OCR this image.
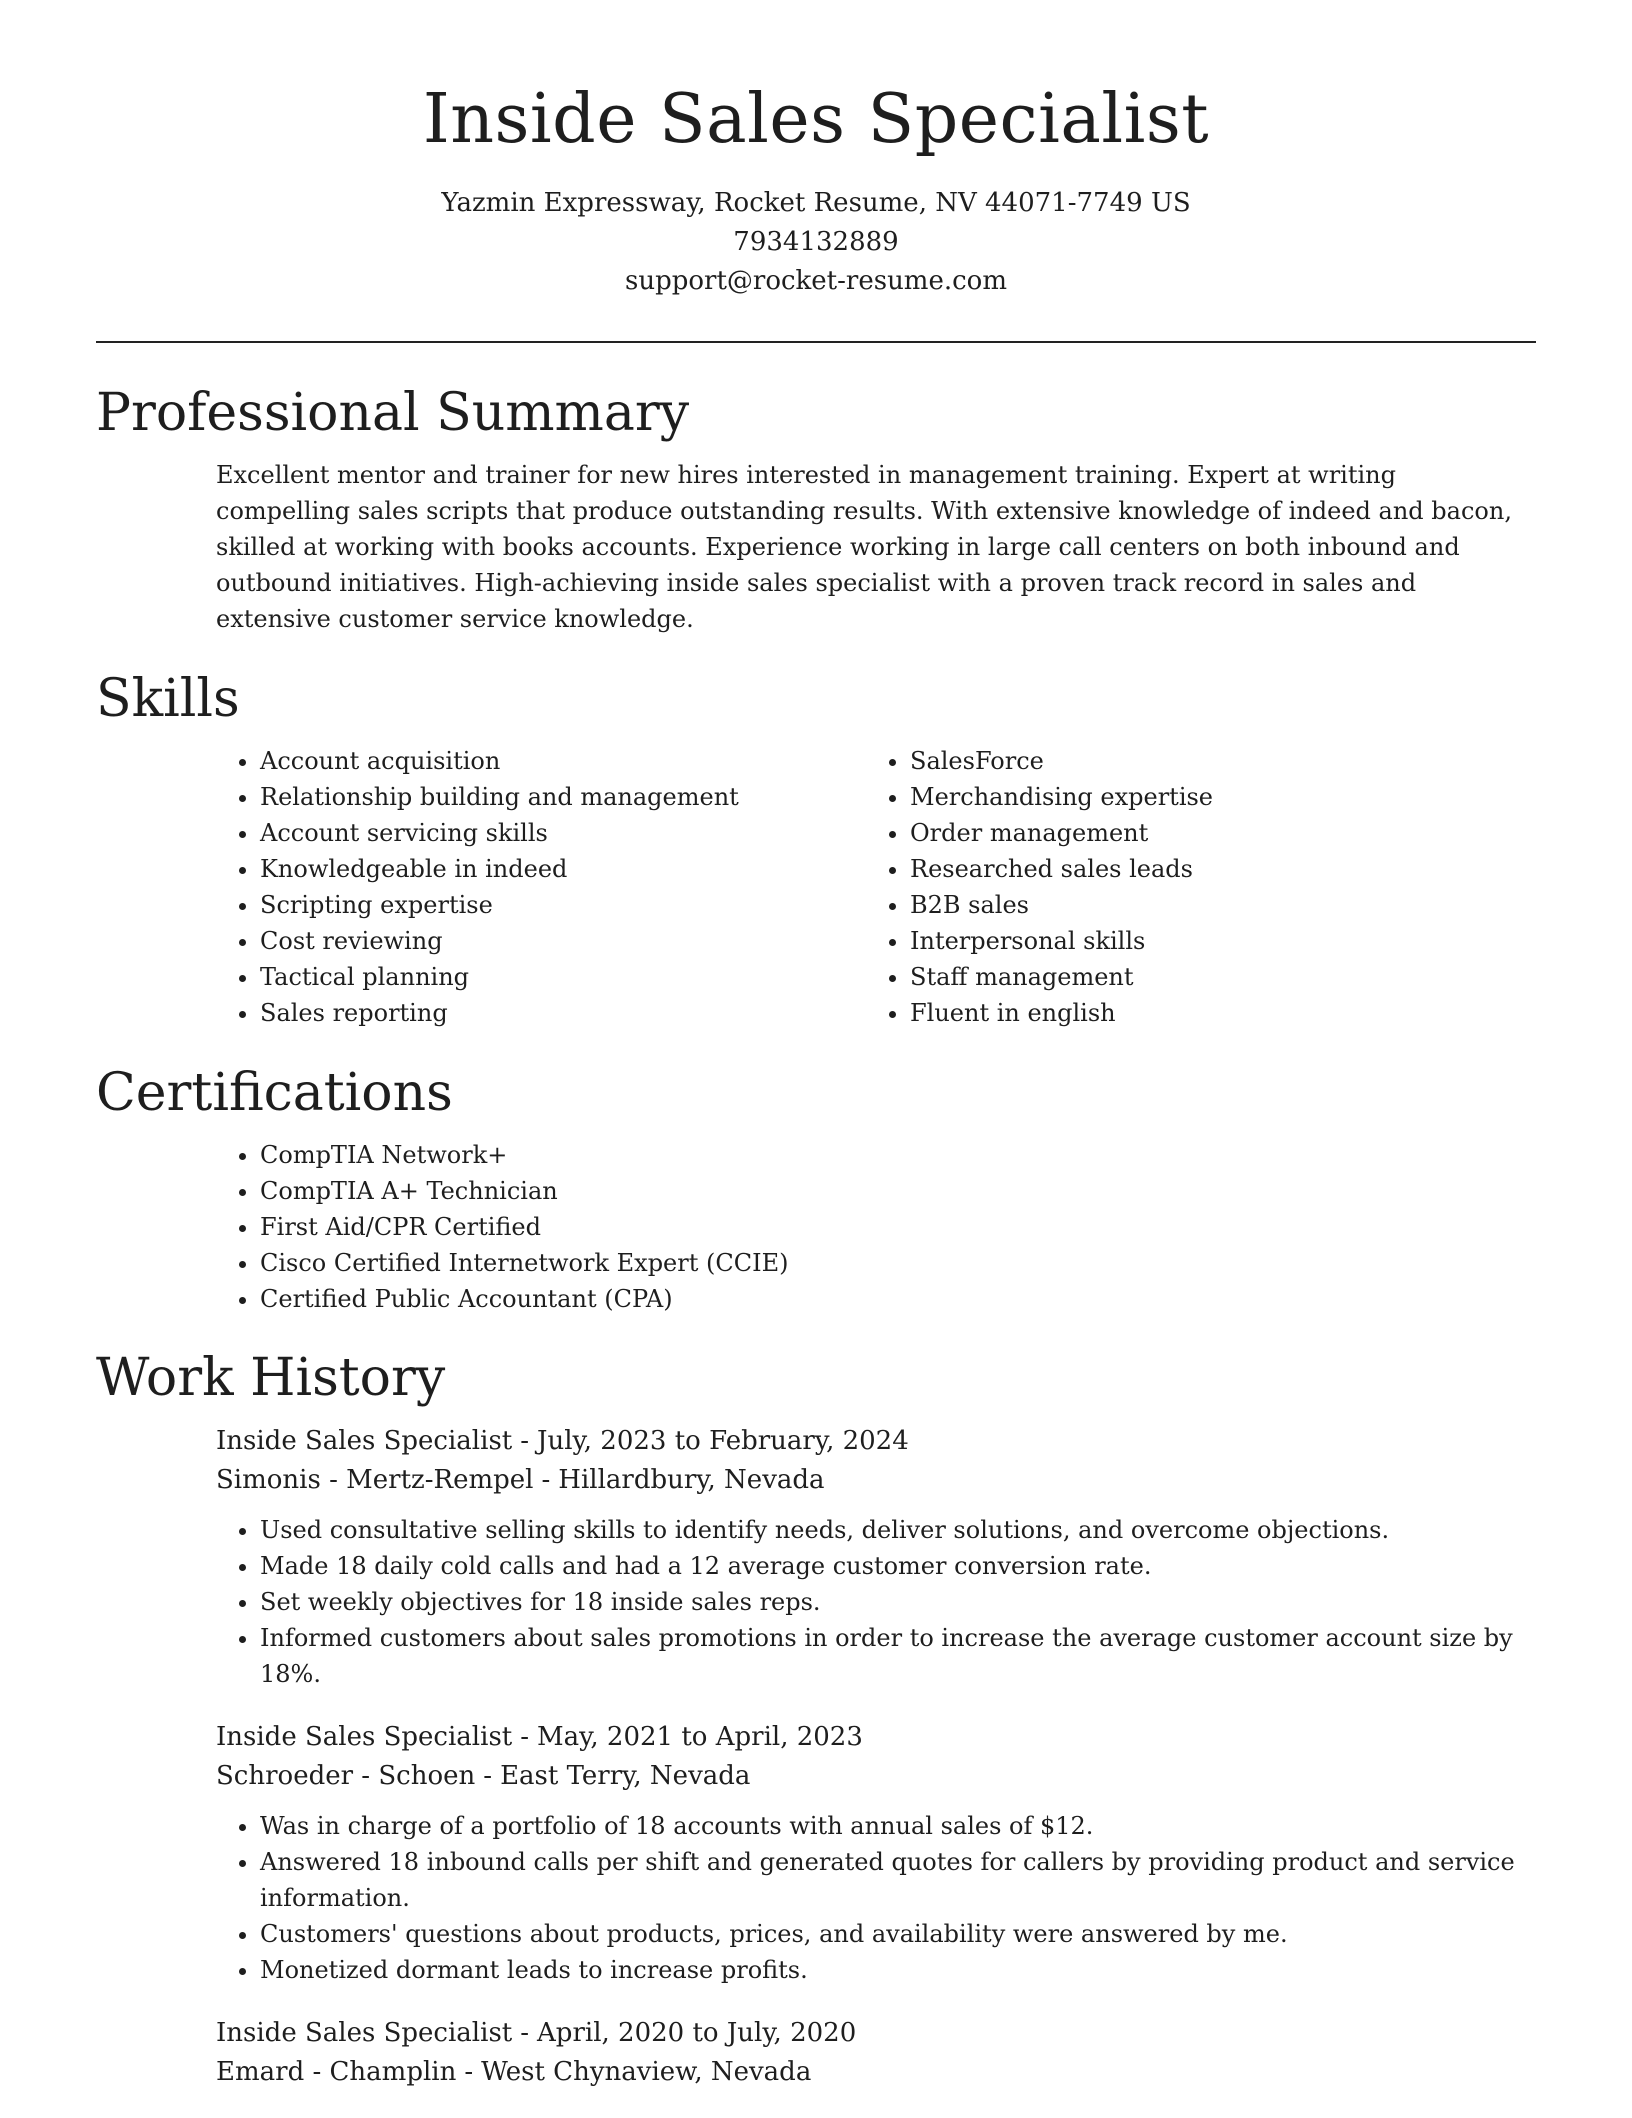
Inside Sales Specialist
Yazmin Expressway, Rocket Resume, NV 44071-7749 US
7934132889
support@rocket-resume.com
Professional Summary

Excellent mentor and trainer for new hires interested in management training. Expert at writing compelling sales scripts that produce outstanding results. With extensive knowledge of indeed and bacon, skilled at working with books accounts. Experience working in large call centers on both inbound and outbound initiatives. High-achieving inside sales specialist with a proven track record in sales and extensive customer service knowledge.

Skills
• Account acquisition
• Relationship building and management
• Account servicing skills
• Knowledgeable in indeed
• Scripting expertise
• Cost reviewing
• Tactical planning
• Sales reporting
• SalesForce
• Merchandising expertise
• Order management
• Researched sales leads
• B2B sales
• Interpersonal skills
• Staff management
• Fluent in english
Certifications
• CompTIA Network+
• CompTIA A+ Technician
• First Aid/CPR Certified
• Cisco Certified Internetwork Expert (CCIE)
• Certified Public Accountant (CPA)
Work History
Inside Sales Specialist - July, 2023 to February, 2024
Simonis - Mertz-Rempel - Hillardbury, Nevada
• Used consultative selling skills to identify needs, deliver solutions, and overcome objections.
• Made 18 daily cold calls and had a 12 average customer conversion rate.
• Set weekly objectives for 18 inside sales reps.
• Informed customers about sales promotions in order to increase the average customer account size by 18%.
Inside Sales Specialist - May, 2021 to April, 2023
Schroeder - Schoen - East Terry, Nevada
• Was in charge of a portfolio of 18 accounts with annual sales of $12.
• Answered 18 inbound calls per shift and generated quotes for callers by providing product and service information.
• Customers' questions about products, prices, and availability were answered by me.
• Monetized dormant leads to increase profits.
Inside Sales Specialist - April, 2020 to July, 2020
Emard - Champlin - West Chynaview, Nevada
